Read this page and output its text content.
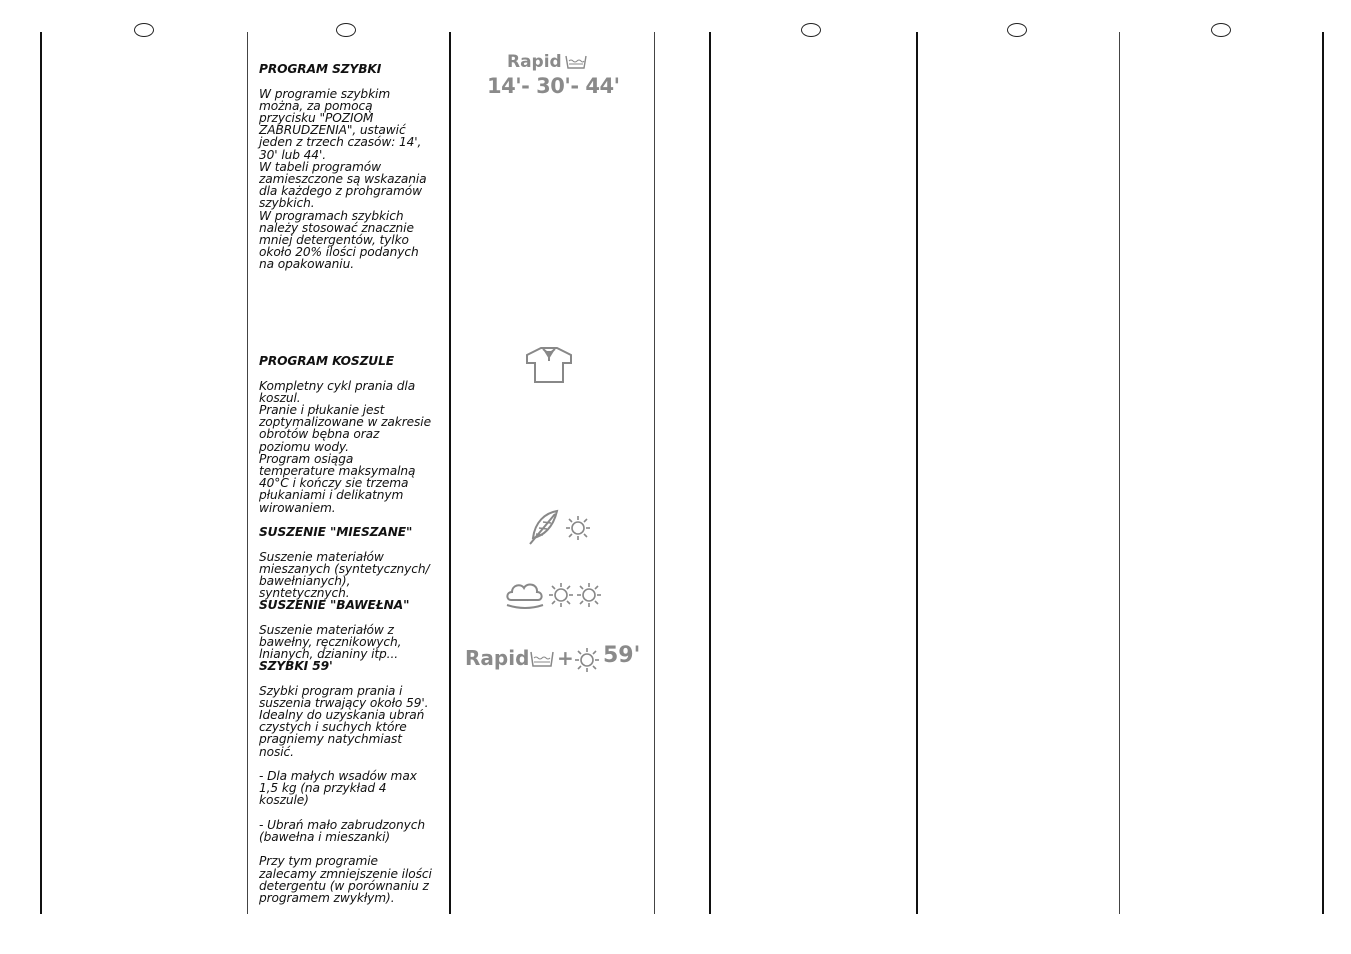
PROGRAM SZYBKI

W programie szybkim
można, za pomocą
przycisku "POZIOM
ZABRUDZENIA", ustawić
jeden z trzech czasów: 14',
30' lub 44'.
W tabeli programów
zamieszczone są wskazania
dla każdego z prohgramów
szybkich.
W programach szybkich
należy stosować znacznie
mniej detergentów, tylko
około 20% ilości podanych
na opakowaniu.

PROGRAM KOSZULE

Kompletny cykl prania dla
koszul.
Pranie i płukanie jest
zoptymalizowane w zakresie
obrotów bębna oraz
poziomu wody.
Program osiąga
temperature maksymalną
40°C i kończy sie trzema
płukaniami i delikatnym
wirowaniem.

SUSZENIE "MIESZANE"

Suszenie materiałów
mieszanych (syntetycznych/
bawełnianych),
syntetycznych.

SUSZENIE "BAWEŁNA"

Suszenie materiałów z
bawełny, ręcznikowych,
lnianych, dzianiny itp...

SZYBKI 59'

Szybki program prania i
suszenia trwający około 59'.
Idealny do uzyskania ubrań
czystych i suchych które
pragniemy natychmiast
nosić.

- Dla małych wsadów max
1,5 kg (na przykład 4
koszule)

- Ubrań mało zabrudzonych
(bawełna i mieszanki)

Przy tym programie
zalecamy zmniejszenie ilości
detergentu (w porównaniu z
programem zwykłym).

Rapid
14'- 30'- 44'
Rapid + 59'
